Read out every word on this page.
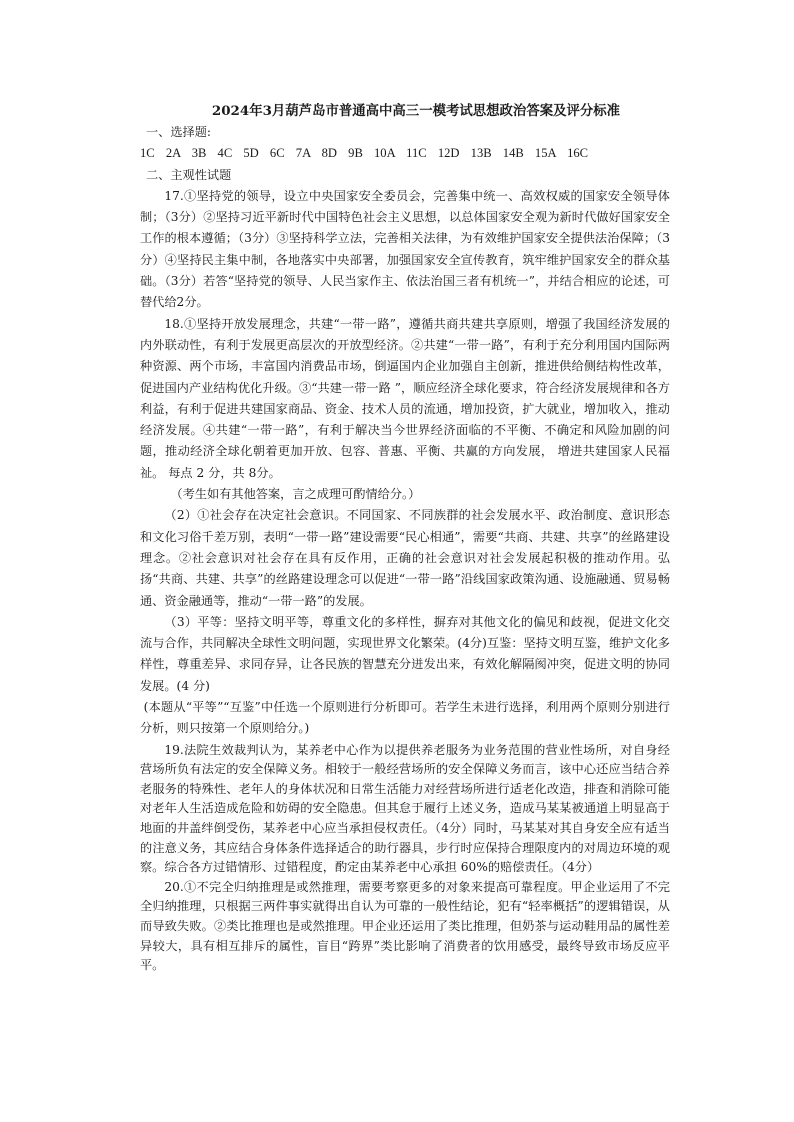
2024年3月葫芦岛市普通高中高三一模考试思想政治答案及评分标准
一、选择题:
1C 2A 3B 4C 5D 6C 7A 8D 9B 10A 11C 12D 13B 14B 15A 16C
二、主观性试题

17.①坚持党的领导，设立中央国家安全委员会，完善集中统一、高效权威的国家安全领导体制；（3分）②坚持习近平新时代中国特色社会主义思想，以总体国家安全观为新时代做好国家安全工作的根本遵循；（3分）③坚持科学立法，完善相关法律，为有效维护国家安全提供法治保障；（3分）④坚持民主集中制，各地落实中央部署，加强国家安全宣传教育，筑牢维护国家安全的群众基础。（3分）若答“坚持党的领导、人民当家作主、依法治国三者有机统一”，并结合相应的论述，可替代给2分。

18.①坚持开放发展理念，共建“一带一路”，遵循共商共建共享原则，增强了我国经济发展的内外联动性，有利于发展更高层次的开放型经济。②共建“一带一路”，有利于充分利用国内国际两种资源、两个市场，丰富国内消费品市场，倒逼国内企业加强自主创新，推进供给侧结构性改革，促进国内产业结构优化升级。③“共建一带一路 ”，顺应经济全球化要求，符合经济发展规律和各方利益，有利于促进共建国家商品、资金、技术人员的流通，增加投资，扩大就业，增加收入，推动经济发展。④共建“一带一路”，有利于解决当今世界经济面临的不平衡、不确定和风险加剧的问题，推动经济全球化朝着更加开放、包容、普惠、平衡、共赢的方向发展， 增进共建国家人民福祉。 每点 2 分，共 8分。

（考生如有其他答案，言之成理可酌情给分。）

（2）①社会存在决定社会意识。不同国家、不同族群的社会发展水平、政治制度、意识形态和文化习俗千差万别，表明“一带一路”建设需要“民心相通”，需要“共商、共建、共享”的丝路建设理念。②社会意识对社会存在具有反作用，正确的社会意识对社会发展起积极的推动作用。弘扬“共商、共建、共享”的丝路建设理念可以促进“一带一路”沿线国家政策沟通、设施融通、贸易畅通、资金融通等，推动“一带一路”的发展。

（3）平等：坚持文明平等，尊重文化的多样性，摒弃对其他文化的偏见和歧视，促进文化交流与合作，共同解决全球性文明问题，实现世界文化繁荣。(4分)互鉴：坚持文明互鉴，维护文化多样性，尊重差异、求同存异，让各民族的智慧充分迸发出来，有效化解隔阂冲突，促进文明的协同发展。(4 分)

(本题从“平等”“互鉴”中任选一个原则进行分析即可。若学生未进行选择，利用两个原则分别进行分析，则只按第一个原则给分。)

19.法院生效裁判认为，某养老中心作为以提供养老服务为业务范围的营业性场所，对自身经营场所负有法定的安全保障义务。相较于一般经营场所的安全保障义务而言，该中心还应当结合养老服务的特殊性、老年人的身体状况和日常生活能力对经营场所进行适老化改造，排查和消除可能对老年人生活造成危险和妨碍的安全隐患。但其怠于履行上述义务，造成马某某被通道上明显高于地面的井盖绊倒受伤，某养老中心应当承担侵权责任。（4分）同时，马某某对其自身安全应有适当的注意义务，其应结合身体条件选择适合的助行器具，步行时应保持合理限度内的对周边环境的观察。综合各方过错情形、过错程度，酌定由某养老中心承担 60%的赔偿责任。（4分）

20.①不完全归纳推理是或然推理，需要考察更多的对象来提高可靠程度。甲企业运用了不完全归纳推理，只根据三两件事实就得出自认为可靠的一般性结论，犯有“轻率概括”的逻辑错误，从而导致失败。②类比推理也是或然推理。甲企业还运用了类比推理，但奶茶与运动鞋用品的属性差异较大，具有相互排斥的属性，盲目“跨界”类比影响了消费者的饮用感受，最终导致市场反应平平。
